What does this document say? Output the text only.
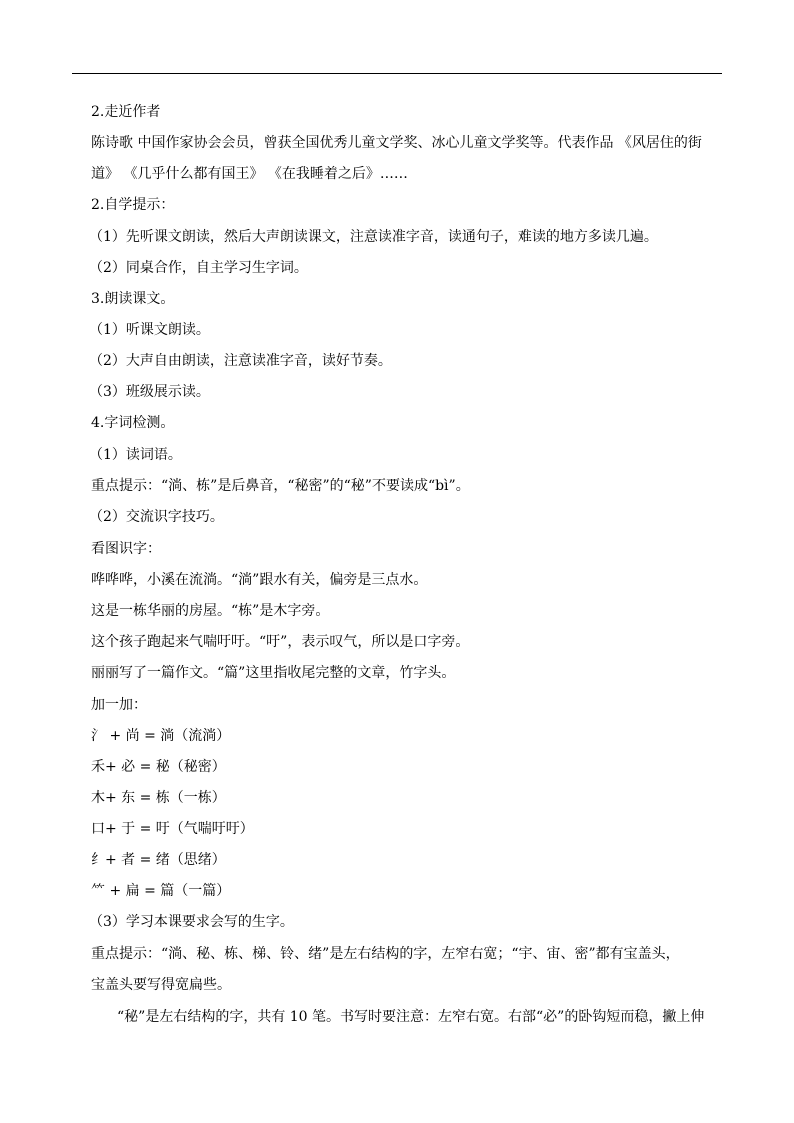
2.走近作者
陈诗歌 中国作家协会会员，曾获全国优秀儿童文学奖、冰心儿童文学奖等。代表作品 《风居住的街
道》 《几乎什么都有国王》 《在我睡着之后》……
2.自学提示：
（1）先听课文朗读，然后大声朗读课文，注意读准字音，读通句子，难读的地方多读几遍。
（2）同桌合作，自主学习生字词。
3.朗读课文。
（1）听课文朗读。
（2）大声自由朗读，注意读准字音，读好节奏。
（3）班级展示读。
4.字词检测。
（1）读词语。
重点提示：“淌、栋”是后鼻音，“秘密”的“秘”不要读成“bì”。
（2）交流识字技巧。
看图识字：
哗哗哗，小溪在流淌。“淌”跟水有关，偏旁是三点水。
这是一栋华丽的房屋。“栋”是木字旁。
这个孩子跑起来气喘吁吁。“吁”，表示叹气，所以是口字旁。
丽丽写了一篇作文。“篇”这里指收尾完整的文章，竹字头。
加一加：
氵 + 尚 = 淌（流淌）
禾+ 必 = 秘（秘密）
木+ 东 = 栋（一栋）
口+ 于 = 吁（气喘吁吁）
纟+ 者 = 绪（思绪）
⺮ + 扁 = 篇（一篇）
（3）学习本课要求会写的生字。
重点提示：“淌、秘、栋、梯、铃、绪”是左右结构的字，左窄右宽；“宇、宙、密”都有宝盖头，
宝盖头要写得宽扁些。
“秘”是左右结构的字，共有 10 笔。书写时要注意：左窄右宽。右部“必”的卧钩短而稳，撇上伸
